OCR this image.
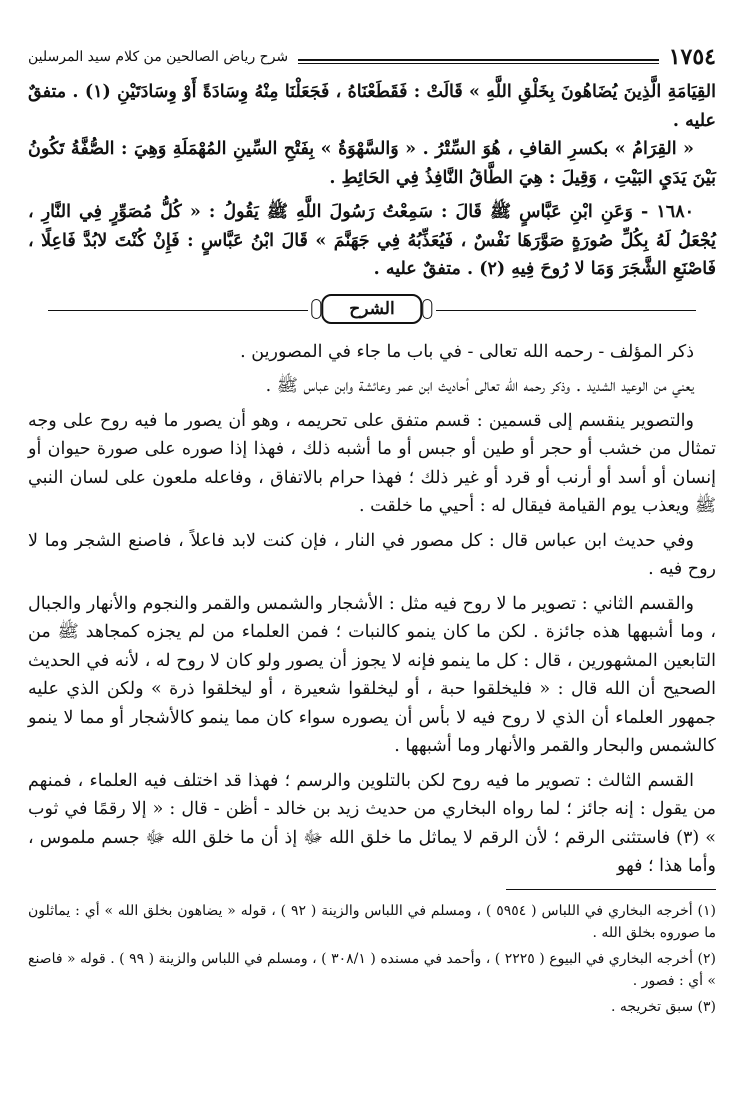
١٧٥٤
شرح رياض الصالحين من كلام سيد المرسلين

القِيَامَةِ الَّذِينَ يُضَاهُونَ بِخَلْقِ اللَّهِ » قَالَتْ : فَقَطَعْنَاهُ ، فَجَعَلْنَا مِنْهُ وِسَادَةً أَوْ وِسَادَتَيْنِ (١) . متفقٌ عليه .

« القِرَامُ » بكسرِ القافِ ، هُوَ السِّتْرُ . « وَالسَّهْوَةُ » بِفَتْحِ السِّينِ المُهْمَلَةِ وَهِيَ : الصُّفَّةُ تَكُونُ بَيْنَ يَدَيِ البَيْتِ ، وَقِيلَ : هِيَ الطَّاقُ النَّافِذُ فِي الحَائِطِ .

١٦٨٠ - وَعَنِ ابْنِ عَبَّاسٍ ﷺ قَالَ : سَمِعْتُ رَسُولَ اللَّهِ ﷺ يَقُولُ : « كُلُّ مُصَوِّرٍ فِي النَّارِ ، يُجْعَلُ لَهُ بِكُلِّ صُورَةٍ صَوَّرَهَا نَفْسٌ ، فَيُعَذِّبُهُ فِي جَهَنَّمَ » قَالَ ابْنُ عَبَّاسٍ : فَإِنْ كُنْتَ لابُدَّ فَاعِلًا ، فَاصْنَعِ الشَّجَرَ وَمَا لا رُوحَ فِيهِ (٢) . متفقٌ عليه .

الشرح

ذكر المؤلف - رحمه الله تعالى - في باب ما جاء في المصورين .

يعني من الوعيد الشديد . وذكر رحمه الله تعالى أحاديث ابن عمر وعائشة وابن عباس ﷺ .

والتصوير ينقسم إلى قسمين : قسم متفق على تحريمه ، وهو أن يصور ما فيه روح على وجه تمثال من خشب أو حجر أو طين أو جبس أو ما أشبه ذلك ، فهذا إذا صوره على صورة حيوان أو إنسان أو أسد أو أرنب أو قرد أو غير ذلك ؛ فهذا حرام بالاتفاق ، وفاعله ملعون على لسان النبي ﷺ ويعذب يوم القيامة فيقال له : أحيي ما خلقت .

وفي حديث ابن عباس قال : كل مصور في النار ، فإن كنت لابد فاعلاً ، فاصنع الشجر وما لا روح فيه .

والقسم الثاني : تصوير ما لا روح فيه مثل : الأشجار والشمس والقمر والنجوم والأنهار والجبال ، وما أشبهها هذه جائزة . لكن ما كان ينمو كالنبات ؛ فمن العلماء من لم يجزه كمجاهد ﷺ من التابعين المشهورين ، قال : كل ما ينمو فإنه لا يجوز أن يصور ولو كان لا روح له ، لأنه في الحديث الصحيح أن الله قال : « فليخلقوا حبة ، أو ليخلقوا شعيرة ، أو ليخلقوا ذرة » ولكن الذي عليه جمهور العلماء أن الذي لا روح فيه لا بأس أن يصوره سواء كان مما ينمو كالأشجار أو مما لا ينمو كالشمس والبحار والقمر والأنهار وما أشبهها .

القسم الثالث : تصوير ما فيه روح لكن بالتلوين والرسم ؛ فهذا قد اختلف فيه العلماء ، فمنهم من يقول : إنه جائز ؛ لما رواه البخاري من حديث زيد بن خالد - أظن - قال : « إلا رقمًا في ثوب » (٣) فاستثنى الرقم ؛ لأن الرقم لا يماثل ما خلق الله ﷻ إذ أن ما خلق الله ﷻ جسم ملموس ، وأما هذا ؛ فهو

(١) أخرجه البخاري في اللباس ( ٥٩٥٤ ) ، ومسلم في اللباس والزينة ( ٩٢ ) ، قوله « يضاهون بخلق الله » أي : يماثلون ما صوروه بخلق الله .

(٢) أخرجه البخاري في البيوع ( ٢٢٢٥ ) ، وأحمد في مسنده ( ٣٠٨/١ ) ، ومسلم في اللباس والزينة ( ٩٩ ) . قوله « فاصنع » أي : فصور .

(٣) سبق تخريجه .
